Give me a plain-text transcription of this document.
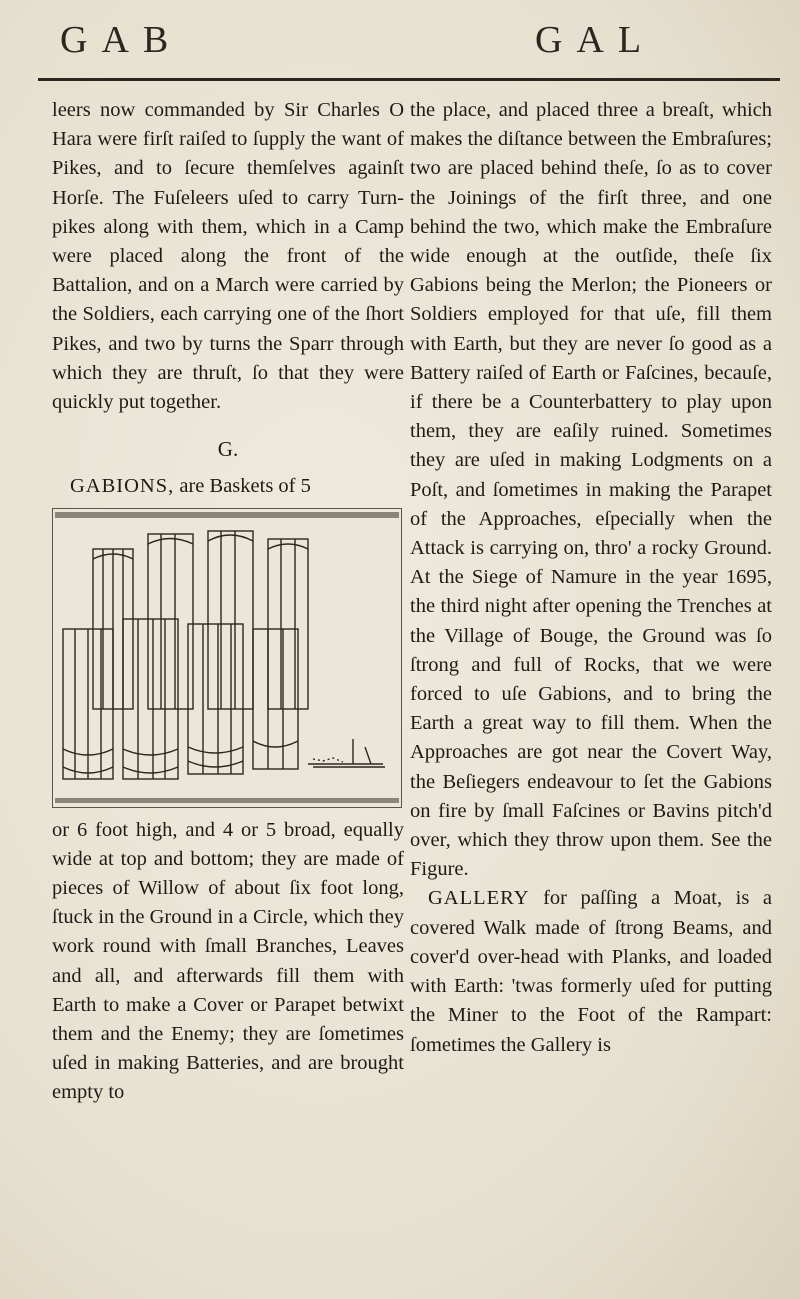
GAB	GAL

leers now commanded by Sir Charles O Hara were firſt raiſed to ſupply the want of Pikes, and to ſecure themſelves againſt Horſe. The Fuſeleers uſed to carry Turn-pikes along with them, which in a Camp were placed along the front of the Battalion, and on a March were carried by the Soldiers, each carrying one of the ſhort Pikes, and two by turns the Sparr through which they are thruſt, ſo that they were quickly put together.

G.

GABIONS, are Baskets of 5

or 6 foot high, and 4 or 5 broad, equally wide at top and bottom; they are made of pieces of Willow of about ſix foot long, ſtuck in the Ground in a Circle, which they work round with ſmall Branches, Leaves and all, and afterwards fill them with Earth to make a Cover or Parapet betwixt them and the Enemy; they are ſometimes uſed in making Batteries, and are brought empty to

the place, and placed three a breaſt, which makes the diſtance between the Embraſures; two are placed behind theſe, ſo as to cover the Joinings of the firſt three, and one behind the two, which make the Embraſure wide enough at the outſide, theſe ſix Gabions being the Merlon; the Pioneers or Soldiers employed for that uſe, fill them with Earth, but they are never ſo good as a Battery raiſed of Earth or Faſcines, becauſe, if there be a Counterbattery to play upon them, they are eaſily ruined. Sometimes they are uſed in making Lodgments on a Poſt, and ſometimes in making the Parapet of the Approaches, eſpecially when the Attack is carrying on, thro' a rocky Ground. At the Siege of Namure in the year 1695, the third night after opening the Trenches at the Village of Bouge, the Ground was ſo ſtrong and full of Rocks, that we were forced to uſe Gabions, and to bring the Earth a great way to fill them. When the Approaches are got near the Covert Way, the Beſiegers endeavour to ſet the Gabions on fire by ſmall Faſcines or Bavins pitch'd over, which they throw upon them. See the Figure.

GALLERY for paſſing a Moat, is a covered Walk made of ſtrong Beams, and cover'd over-head with Planks, and loaded with Earth: 'twas formerly uſed for putting the Miner to the Foot of the Rampart: ſometimes the Gallery is
